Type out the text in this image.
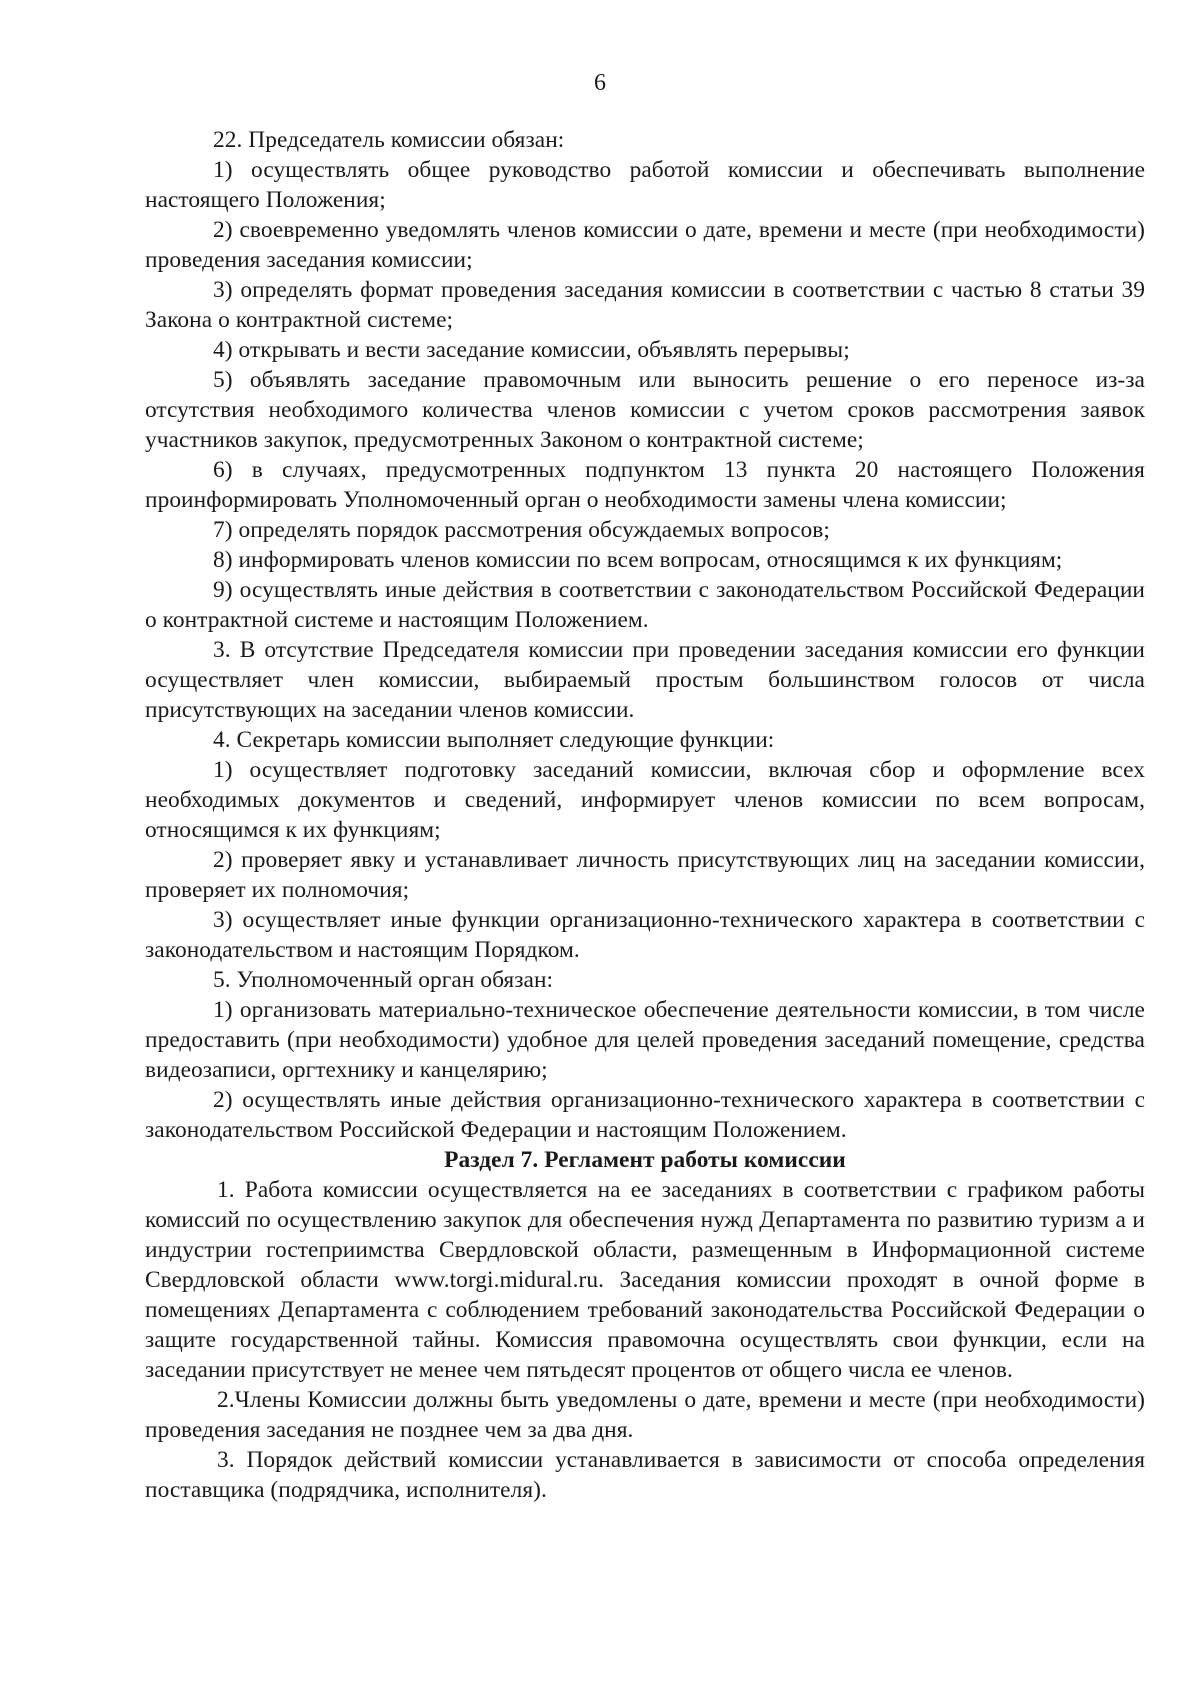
6

22. Председатель комиссии обязан:

1) осуществлять общее руководство работой комиссии и обеспечивать выполнение настоящего Положения;

2) своевременно уведомлять членов комиссии о дате, времени и месте (при необходимости) проведения заседания комиссии;

3) определять формат проведения заседания комиссии в соответствии с частью 8 статьи 39 Закона о контрактной системе;

4) открывать и вести заседание комиссии, объявлять перерывы;

5) объявлять заседание правомочным или выносить решение о его переносе из-за отсутствия необходимого количества членов комиссии с учетом сроков рассмотрения заявок участников закупок, предусмотренных Законом о контрактной системе;

6) в случаях, предусмотренных подпунктом 13 пункта 20 настоящего Положения проинформировать Уполномоченный орган о необходимости замены члена комиссии;

7) определять порядок рассмотрения обсуждаемых вопросов;

8) информировать членов комиссии по всем вопросам, относящимся к их функциям;

9) осуществлять иные действия в соответствии с законодательством Российской Федерации о контрактной системе и настоящим Положением.

3. В отсутствие Председателя комиссии при проведении заседания комиссии его функции осуществляет член комиссии, выбираемый простым большинством голосов от числа присутствующих на заседании членов комиссии.

4. Секретарь комиссии выполняет следующие функции:

1) осуществляет подготовку заседаний комиссии, включая сбор и оформление всех необходимых документов и сведений, информирует членов комиссии по всем вопросам, относящимся к их функциям;

2) проверяет явку и устанавливает личность присутствующих лиц на заседании комиссии, проверяет их полномочия;

3) осуществляет иные функции организационно-технического характера в соответствии с законодательством и настоящим Порядком.

5. Уполномоченный орган обязан:

1) организовать материально-техническое обеспечение деятельности комиссии, в том числе предоставить (при необходимости) удобное для целей проведения заседаний помещение, средства видеозаписи, оргтехнику и канцелярию;

2) осуществлять иные действия организационно-технического характера в соответствии с законодательством Российской Федерации и настоящим Положением.

Раздел 7. Регламент работы комиссии

1. Работа комиссии осуществляется на ее заседаниях в соответствии с графиком работы комиссий по осуществлению закупок для обеспечения нужд Департамента по развитию туризм а и индустрии гостеприимства Свердловской области, размещенным в Информационной системе Свердловской области www.torgi.midural.ru. Заседания комиссии проходят в очной форме в помещениях Департамента с соблюдением требований законодательства Российской Федерации о защите государственной тайны. Комиссия правомочна осуществлять свои функции, если на заседании присутствует не менее чем пятьдесят процентов от общего числа ее членов.

2.Члены Комиссии должны быть уведомлены о дате, времени и месте (при необходимости) проведения заседания не позднее чем за два дня.

3. Порядок действий комиссии устанавливается в зависимости от способа определения поставщика (подрядчика, исполнителя).
